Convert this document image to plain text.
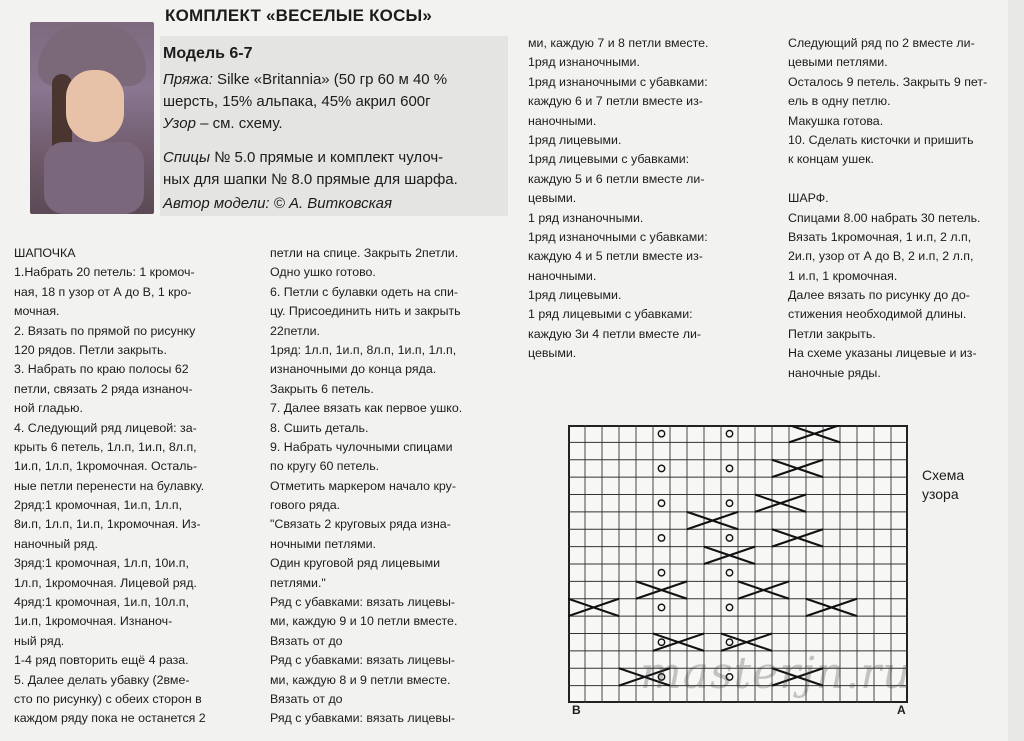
КОМПЛЕКТ «ВЕСЕЛЫЕ КОСЫ»
Модель 6-7
Пряжа: Silke «Britannia» (50 гр 60 м 40 %
шерсть, 15% альпака, 45% акрил 600г
Узор – см. схему.
Спицы № 5.0 прямые и комплект чулоч-
ных для шапки № 8.0 прямые для шарфа.
Автор модели: © А. Витковская
ШАПОЧКА
1.Набрать 20 петель: 1 кромоч-
ная, 18 п узор от А до В, 1 кро-
мочная.
2. Вязать по прямой по рисунку
120 рядов. Петли закрыть.
3. Набрать по краю полосы 62
петли, связать 2 ряда изнаноч-
ной гладью.
4. Следующий ряд лицевой: за-
крыть 6 петель, 1л.п, 1и.п, 8л.п,
1и.п, 1л.п, 1кромочная. Осталь-
ные петли перенести на булавку.
2ряд:1 кромочная, 1и.п, 1л.п,
8и.п, 1л.п, 1и.п, 1кромочная. Из-
наночный ряд.
3ряд:1 кромочная, 1л.п, 10и.п,
1л.п, 1кромочная. Лицевой ряд.
4ряд:1 кромочная, 1и.п, 10л.п,
1и.п, 1кромочная. Изнаноч-
ный ряд.
1-4 ряд повторить ещё 4 раза.
5. Далее делать убавку (2вме-
сто по рисунку) с обеих сторон в
каждом ряду пока не останется 2
петли на спице. Закрыть 2петли.
Одно ушко готово.
6. Петли с булавки одеть на спи-
цу. Присоединить нить и закрыть
22петли.
1ряд: 1л.п, 1и.п, 8л.п, 1и.п, 1л.п,
изнаночными до конца ряда.
Закрыть 6 петель.
7. Далее вязать как первое ушко.
8. Сшить деталь.
9. Набрать чулочными спицами
по кругу 60 петель.
Отметить маркером начало кру-
гового ряда.
"Связать 2 круговых ряда изна-
ночными петлями.
Один круговой ряд лицевыми
петлями."
Ряд с убавками: вязать лицевы-
ми, каждую 9 и 10 петли вместе.
Вязать от до
Ряд с убавками: вязать лицевы-
ми, каждую 8 и 9 петли вместе.
Вязать от до
Ряд с убавками: вязать лицевы-
ми, каждую 7 и 8 петли вместе.
1ряд изнаночными.
1ряд изнаночными с убавками:
каждую 6 и 7 петли вместе из-
наночными.
1ряд лицевыми.
1ряд лицевыми с убавками:
каждую 5 и 6 петли вместе ли-
цевыми.
1 ряд изнаночными.
1ряд изнаночными с убавками:
каждую 4 и 5 петли вместе из-
наночными.
1ряд лицевыми.
1 ряд лицевыми с убавками:
каждую 3и 4 петли вместе ли-
цевыми.
Следующий ряд по 2 вместе ли-
цевыми петлями.
Осталось 9 петель. Закрыть 9 пет-
ель в одну петлю.
Макушка готова.
10. Сделать кисточки и пришить
к концам ушек.
ШАРФ.
Спицами 8.00 набрать 30 петель.
Вязать 1кромочная, 1 и.п, 2 л.п,
2и.п, узор от А до В, 2 и.п, 2 л.п,
1 и.п, 1 кромочная.
Далее вязать по рисунку до до-
стижения необходимой длины.
Петли закрыть.
На схеме указаны лицевые и из-
наночные ряды.
Схема
узора
B	A
masterjn.ru
